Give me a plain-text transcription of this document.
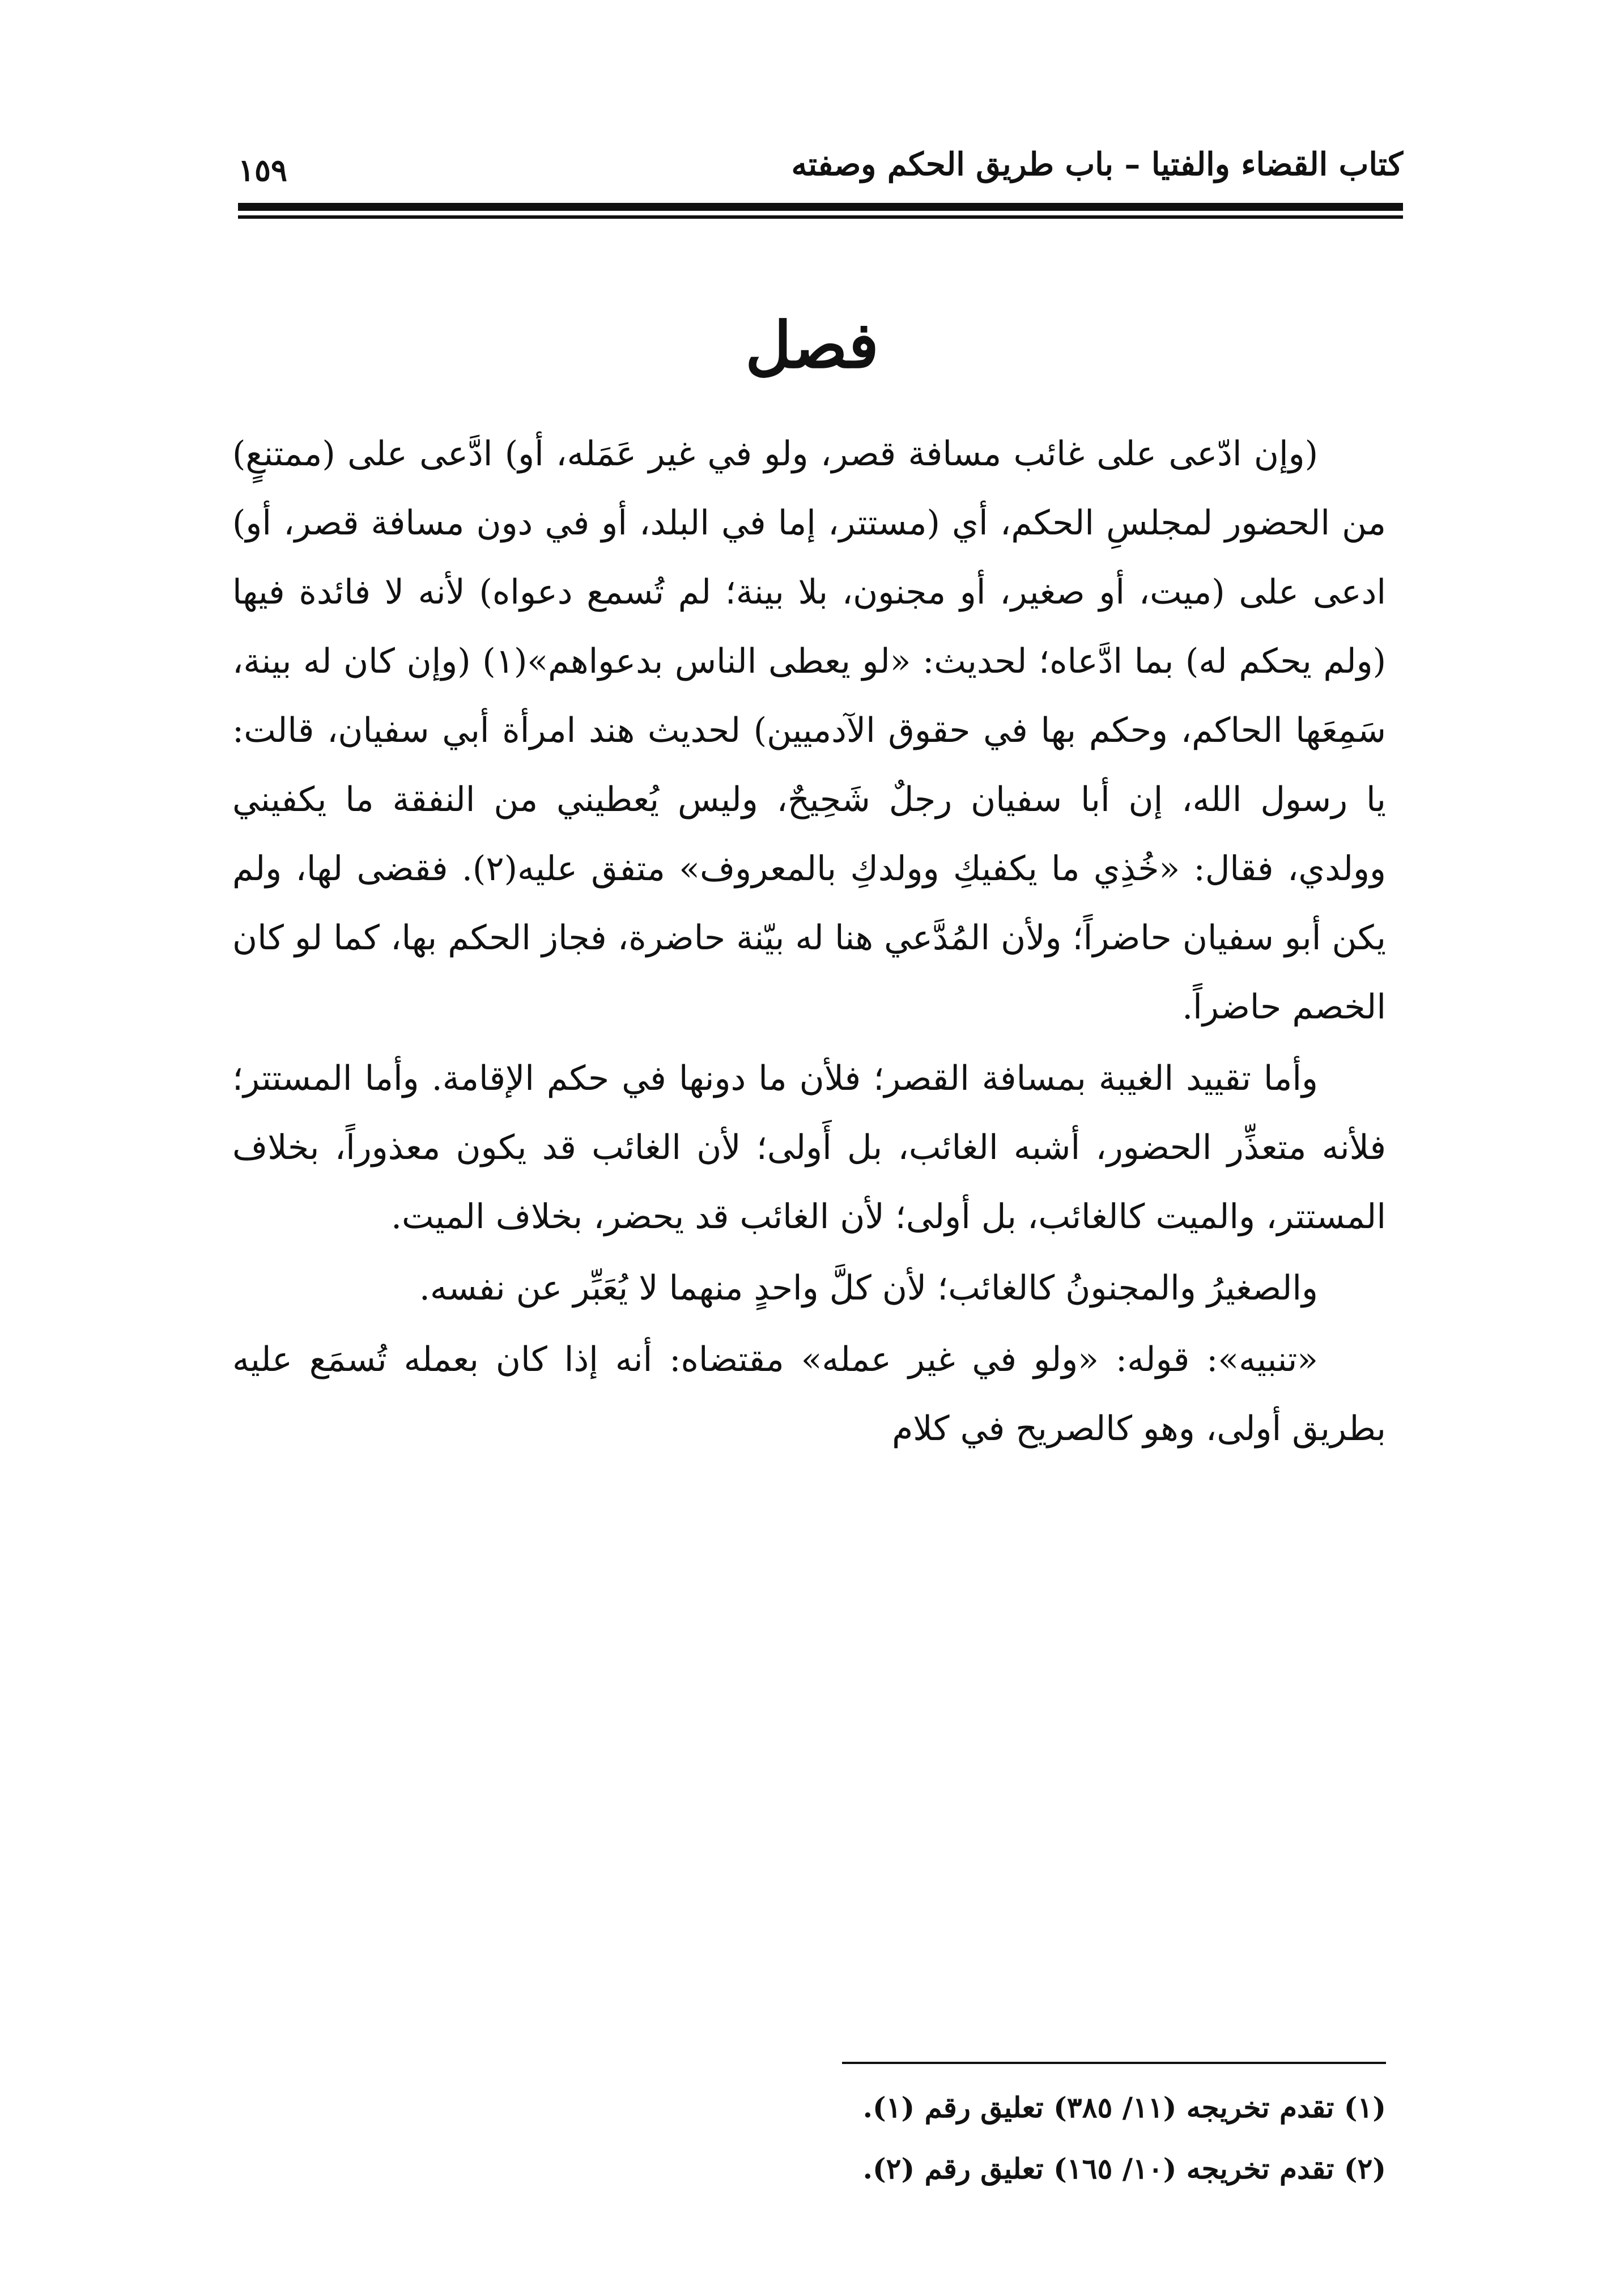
كتاب القضاء والفتيا – باب طريق الحكم وصفته
١٥٩
فصل

(وإن ادّعى على غائب مسافة قصر، ولو في غير عَمَله، أو) ادَّعى على (ممتنعٍ) من الحضور لمجلسِ الحكم، أي (مستتر، إما في البلد، أو في دون مسافة قصر، أو) ادعى على (ميت، أو صغير، أو مجنون، بلا بينة؛ لم تُسمع دعواه) لأنه لا فائدة فيها (ولم يحكم له) بما ادَّعاه؛ لحديث: «لو يعطى الناس بدعواهم»(١) (وإن كان له بينة، سَمِعَها الحاكم، وحكم بها في حقوق الآدميين) لحديث هند امرأة أبي سفيان، قالت: يا رسول الله، إن أبا سفيان رجلٌ شَحِيحٌ، وليس يُعطيني من النفقة ما يكفيني وولدي، فقال: «خُذِي ما يكفيكِ وولدكِ بالمعروف» متفق عليه(٢). فقضى لها، ولم يكن أبو سفيان حاضراً؛ ولأن المُدَّعي هنا له بيّنة حاضرة، فجاز الحكم بها، كما لو كان الخصم حاضراً.

وأما تقييد الغيبة بمسافة القصر؛ فلأن ما دونها في حكم الإقامة. وأما المستتر؛ فلأنه متعذِّر الحضور، أشبه الغائب، بل أَولى؛ لأن الغائب قد يكون معذوراً، بخلاف المستتر، والميت كالغائب، بل أولى؛ لأن الغائب قد يحضر، بخلاف الميت.

والصغيرُ والمجنونُ كالغائب؛ لأن كلَّ واحدٍ منهما لا يُعَبِّر عن نفسه.

«تنبيه»: قوله: «ولو في غير عمله» مقتضاه: أنه إذا كان بعمله تُسمَع عليه بطريق أولى، وهو كالصريح في كلام

(١) تقدم تخريجه (١١/ ٣٨٥) تعليق رقم (١).
(٢) تقدم تخريجه (١٠/ ١٦٥) تعليق رقم (٢).
